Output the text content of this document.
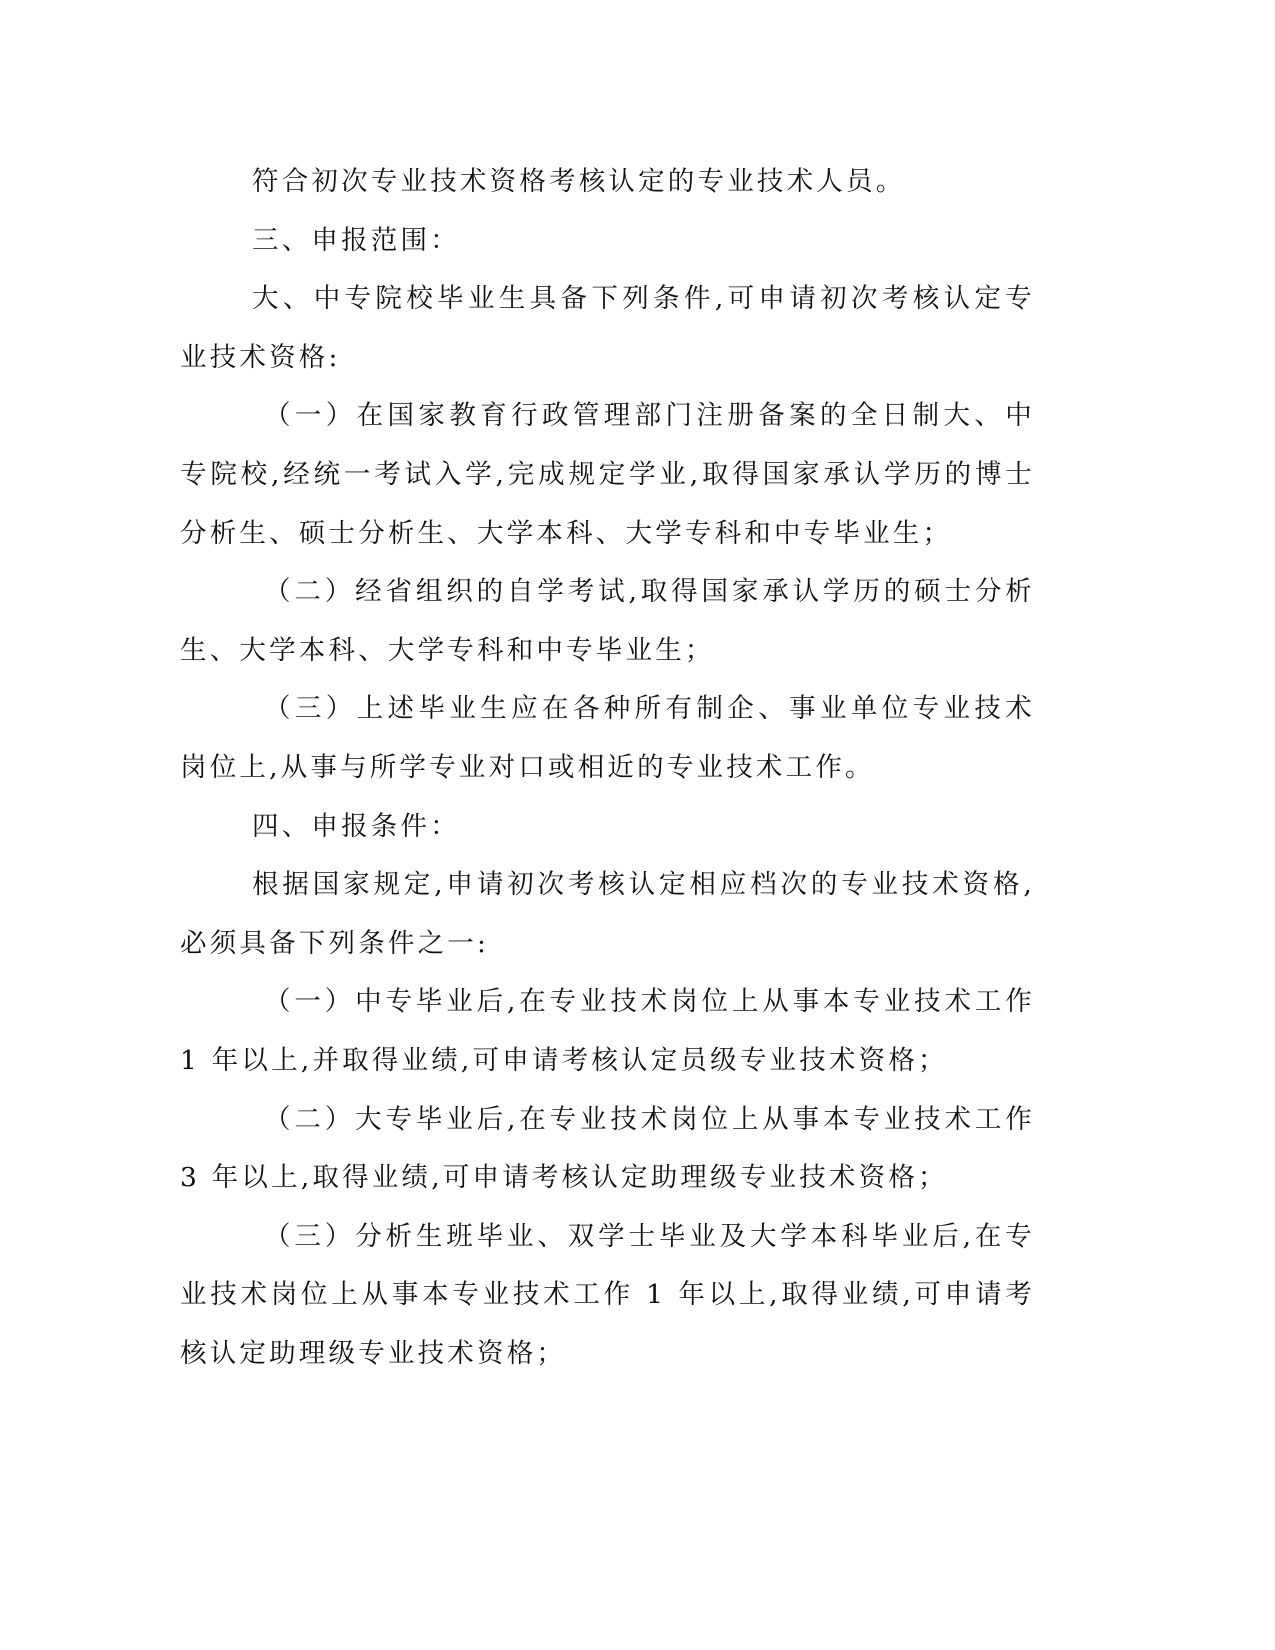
符合初次专业技术资格考核认定的专业技术人员。

三、申报范围：

大、中专院校毕业生具备下列条件,可申请初次考核认定专业技术资格:

（一）在国家教育行政管理部门注册备案的全日制大、中专院校,经统一考试入学,完成规定学业,取得国家承认学历的博士分析生、硕士分析生、大学本科、大学专科和中专毕业生；

（二）经省组织的自学考试,取得国家承认学历的硕士分析生、大学本科、大学专科和中专毕业生；

（三）上述毕业生应在各种所有制企、事业单位专业技术岗位上,从事与所学专业对口或相近的专业技术工作。

四、申报条件：

根据国家规定,申请初次考核认定相应档次的专业技术资格,必须具备下列条件之一:

（一）中专毕业后,在专业技术岗位上从事本专业技术工作 1 年以上,并取得业绩,可申请考核认定员级专业技术资格；

（二）大专毕业后,在专业技术岗位上从事本专业技术工作 3 年以上,取得业绩,可申请考核认定助理级专业技术资格；

（三）分析生班毕业、双学士毕业及大学本科毕业后,在专业技术岗位上从事本专业技术工作 1 年以上,取得业绩,可申请考核认定助理级专业技术资格；
